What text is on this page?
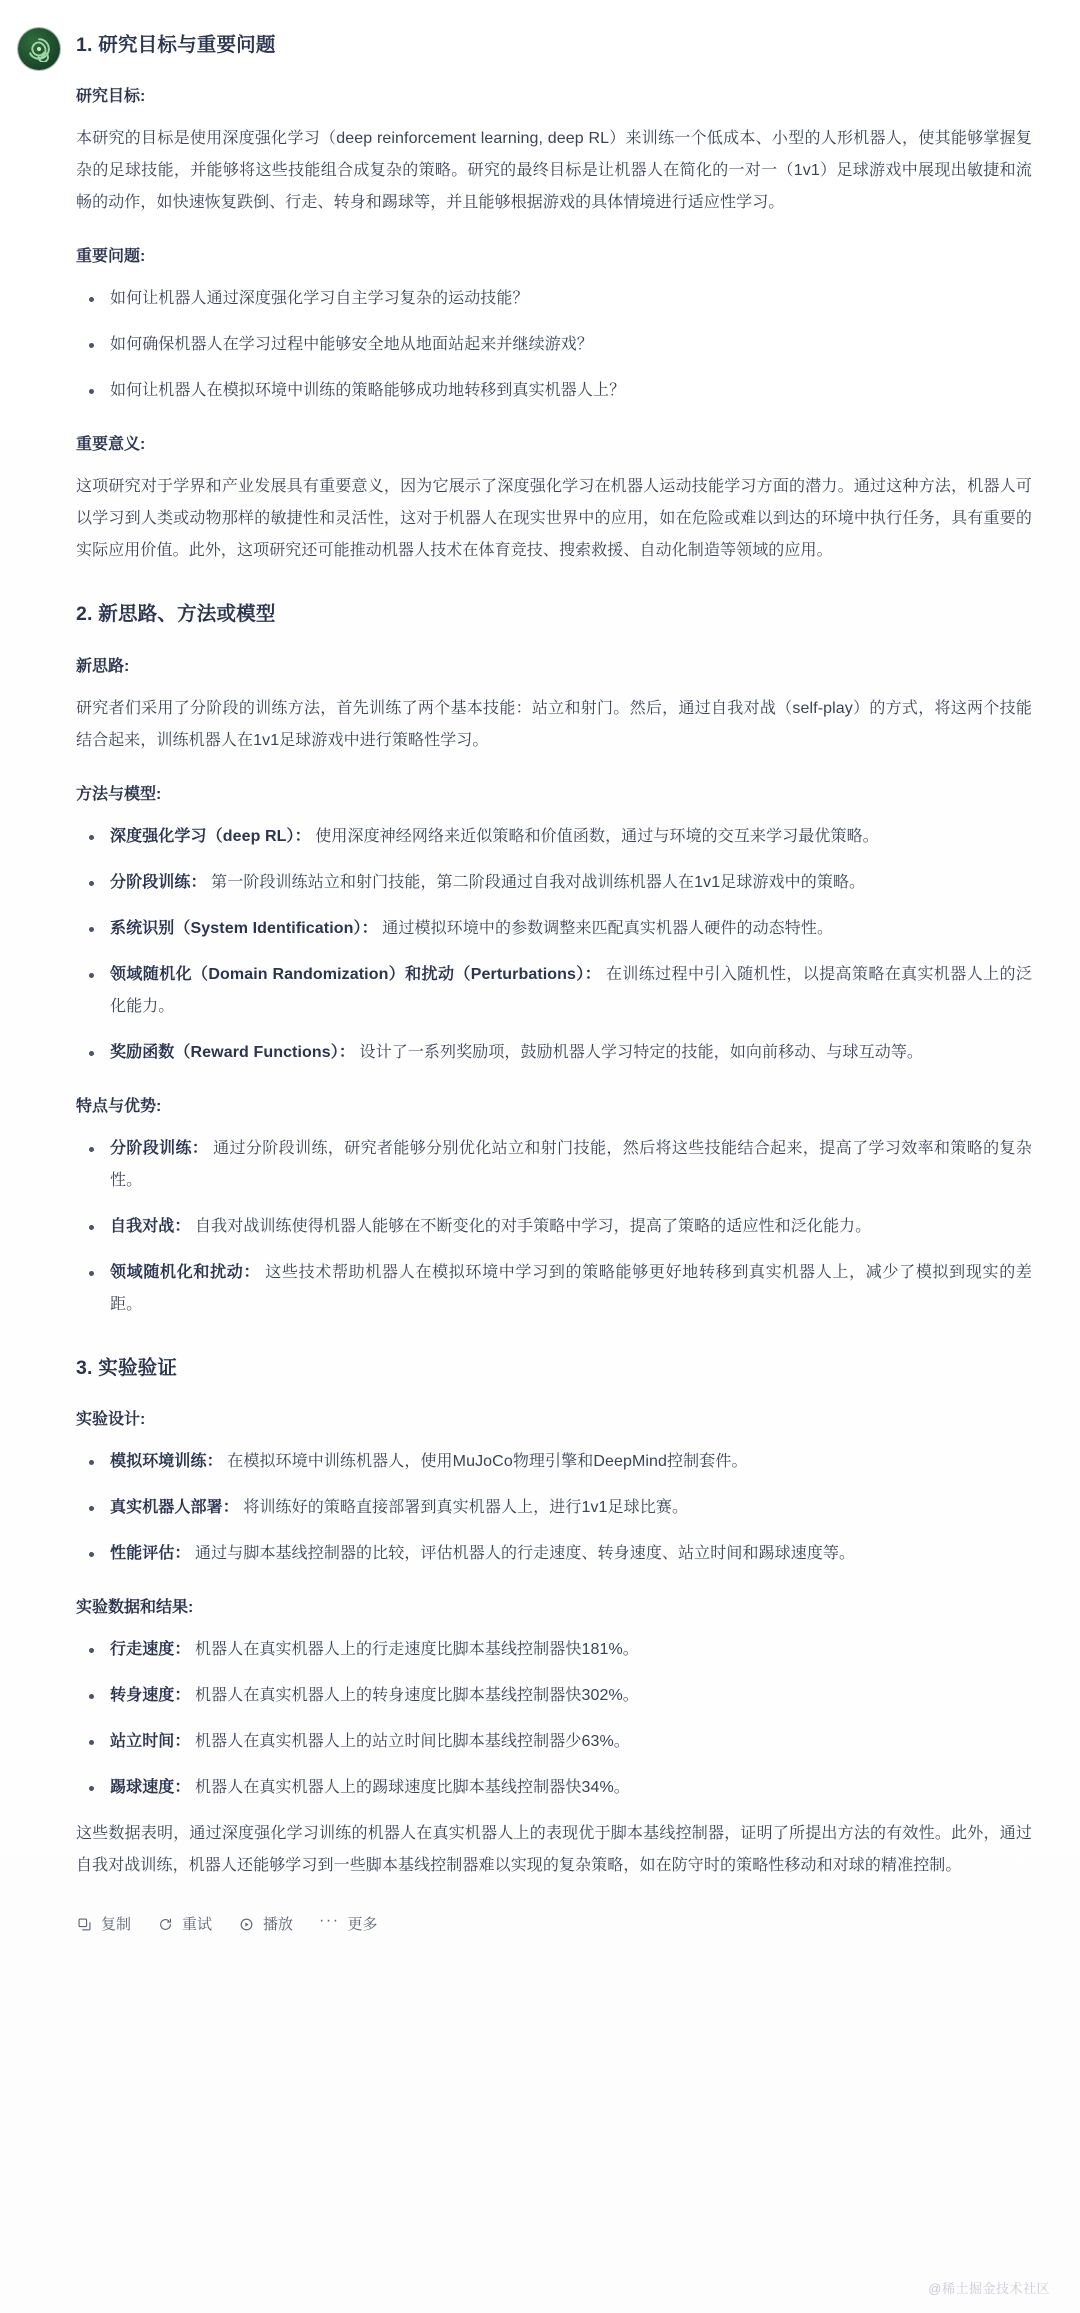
1. 研究目标与重要问题
研究目标:

本研究的目标是使用深度强化学习（deep reinforcement learning, deep RL）来训练一个低成本、小型的人形机器人，使其能够掌握复杂的足球技能，并能够将这些技能组合成复杂的策略。研究的最终目标是让机器人在简化的一对一（1v1）足球游戏中展现出敏捷和流畅的动作，如快速恢复跌倒、行走、转身和踢球等，并且能够根据游戏的具体情境进行适应性学习。

重要问题:
如何让机器人通过深度强化学习自主学习复杂的运动技能？
如何确保机器人在学习过程中能够安全地从地面站起来并继续游戏？
如何让机器人在模拟环境中训练的策略能够成功地转移到真实机器人上？
重要意义:

这项研究对于学界和产业发展具有重要意义，因为它展示了深度强化学习在机器人运动技能学习方面的潜力。通过这种方法，机器人可以学习到人类或动物那样的敏捷性和灵活性，这对于机器人在现实世界中的应用，如在危险或难以到达的环境中执行任务，具有重要的实际应用价值。此外，这项研究还可能推动机器人技术在体育竞技、搜索救援、自动化制造等领域的应用。

2. 新思路、方法或模型
新思路:

研究者们采用了分阶段的训练方法，首先训练了两个基本技能：站立和射门。然后，通过自我对战（self-play）的方式，将这两个技能结合起来，训练机器人在1v1足球游戏中进行策略性学习。

方法与模型:
深度强化学习（deep RL）： 使用深度神经网络来近似策略和价值函数，通过与环境的交互来学习最优策略。
分阶段训练： 第一阶段训练站立和射门技能，第二阶段通过自我对战训练机器人在1v1足球游戏中的策略。
系统识别（System Identification）： 通过模拟环境中的参数调整来匹配真实机器人硬件的动态特性。
领域随机化（Domain Randomization）和扰动（Perturbations）： 在训练过程中引入随机性，以提高策略在真实机器人上的泛化能力。
奖励函数（Reward Functions）： 设计了一系列奖励项，鼓励机器人学习特定的技能，如向前移动、与球互动等。
特点与优势:
分阶段训练： 通过分阶段训练，研究者能够分别优化站立和射门技能，然后将这些技能结合起来，提高了学习效率和策略的复杂性。
自我对战： 自我对战训练使得机器人能够在不断变化的对手策略中学习，提高了策略的适应性和泛化能力。
领域随机化和扰动： 这些技术帮助机器人在模拟环境中学习到的策略能够更好地转移到真实机器人上，减少了模拟到现实的差距。
3. 实验验证
实验设计:
模拟环境训练： 在模拟环境中训练机器人，使用MuJoCo物理引擎和DeepMind控制套件。
真实机器人部署： 将训练好的策略直接部署到真实机器人上，进行1v1足球比赛。
性能评估： 通过与脚本基线控制器的比较，评估机器人的行走速度、转身速度、站立时间和踢球速度等。
实验数据和结果:
行走速度： 机器人在真实机器人上的行走速度比脚本基线控制器快181%。
转身速度： 机器人在真实机器人上的转身速度比脚本基线控制器快302%。
站立时间： 机器人在真实机器人上的站立时间比脚本基线控制器少63%。
踢球速度： 机器人在真实机器人上的踢球速度比脚本基线控制器快34%。

这些数据表明，通过深度强化学习训练的机器人在真实机器人上的表现优于脚本基线控制器，证明了所提出方法的有效性。此外，通过自我对战训练，机器人还能够学习到一些脚本基线控制器难以实现的复杂策略，如在防守时的策略性移动和对球的精准控制。

复制	重试	播放 ··· 更多
@稀土掘金技术社区
